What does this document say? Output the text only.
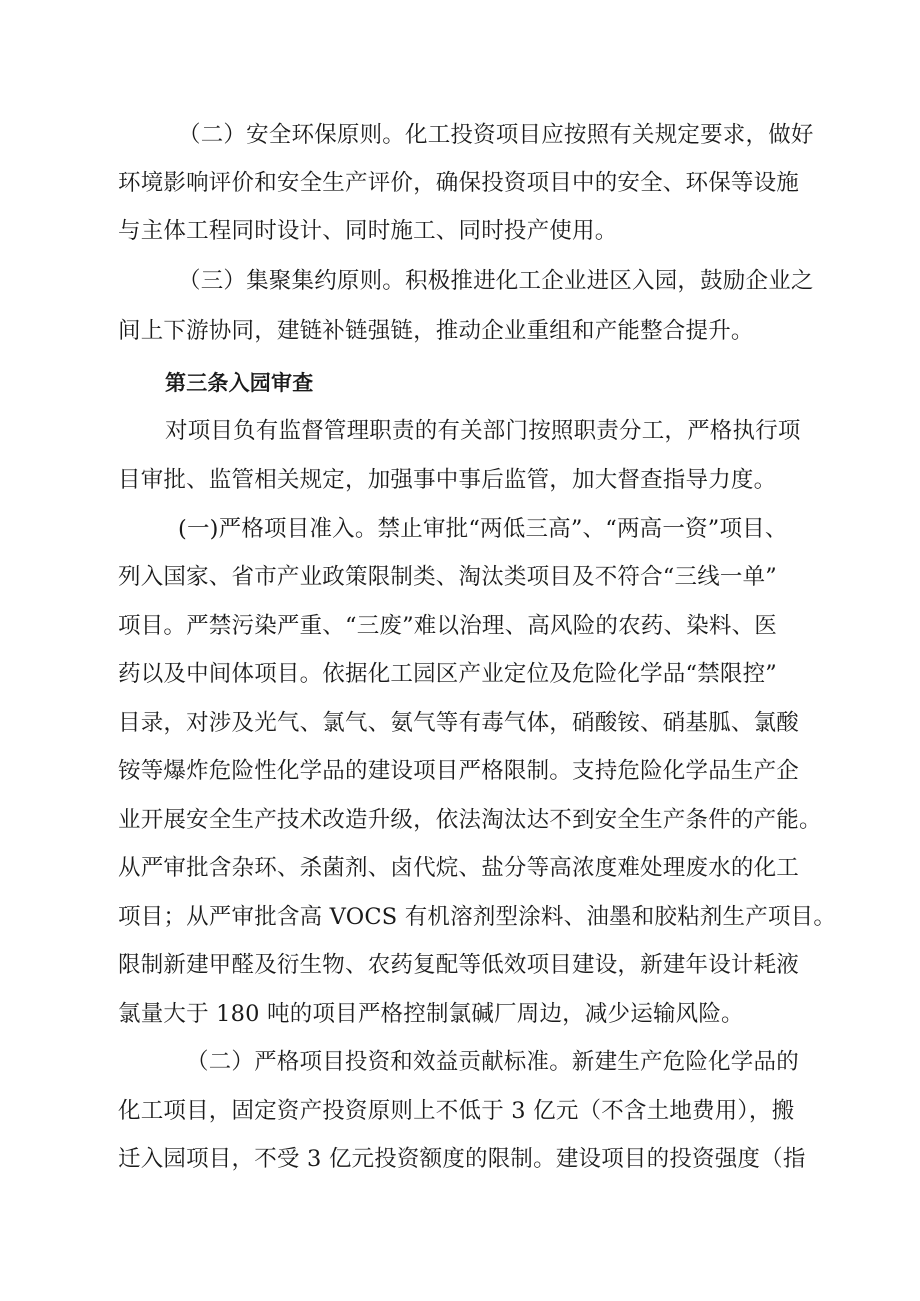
（二）安全环保原则。化工投资项目应按照有关规定要求，做好
环境影响评价和安全生产评价，确保投资项目中的安全、环保等设施
与主体工程同时设计、同时施工、同时投产使用。
（三）集聚集约原则。积极推进化工企业进区入园，鼓励企业之
间上下游协同，建链补链强链，推动企业重组和产能整合提升。
第三条入园审查
对项目负有监督管理职责的有关部门按照职责分工，严格执行项
目审批、监管相关规定，加强事中事后监管，加大督查指导力度。
(一)严格项目准入。禁止审批“两低三高”、“两高一资”项目、
列入国家、省市产业政策限制类、淘汰类项目及不符合“三线一单”
项目。严禁污染严重、“三废”难以治理、高风险的农药、染料、医
药以及中间体项目。依据化工园区产业定位及危险化学品“禁限控”
目录，对涉及光气、氯气、氨气等有毒气体，硝酸铵、硝基胍、氯酸
铵等爆炸危险性化学品的建设项目严格限制。支持危险化学品生产企
业开展安全生产技术改造升级，依法淘汰达不到安全生产条件的产能。
从严审批含杂环、杀菌剂、卤代烷、盐分等高浓度难处理废水的化工
项目；从严审批含高 VOCS 有机溶剂型涂料、油墨和胶粘剂生产项目。
限制新建甲醛及衍生物、农药复配等低效项目建设，新建年设计耗液
氯量大于 180 吨的项目严格控制氯碱厂周边，减少运输风险。
（二）严格项目投资和效益贡献标准。新建生产危险化学品的
化工项目，固定资产投资原则上不低于 3 亿元（不含土地费用），搬
迁入园项目，不受 3 亿元投资额度的限制。建设项目的投资强度（指
